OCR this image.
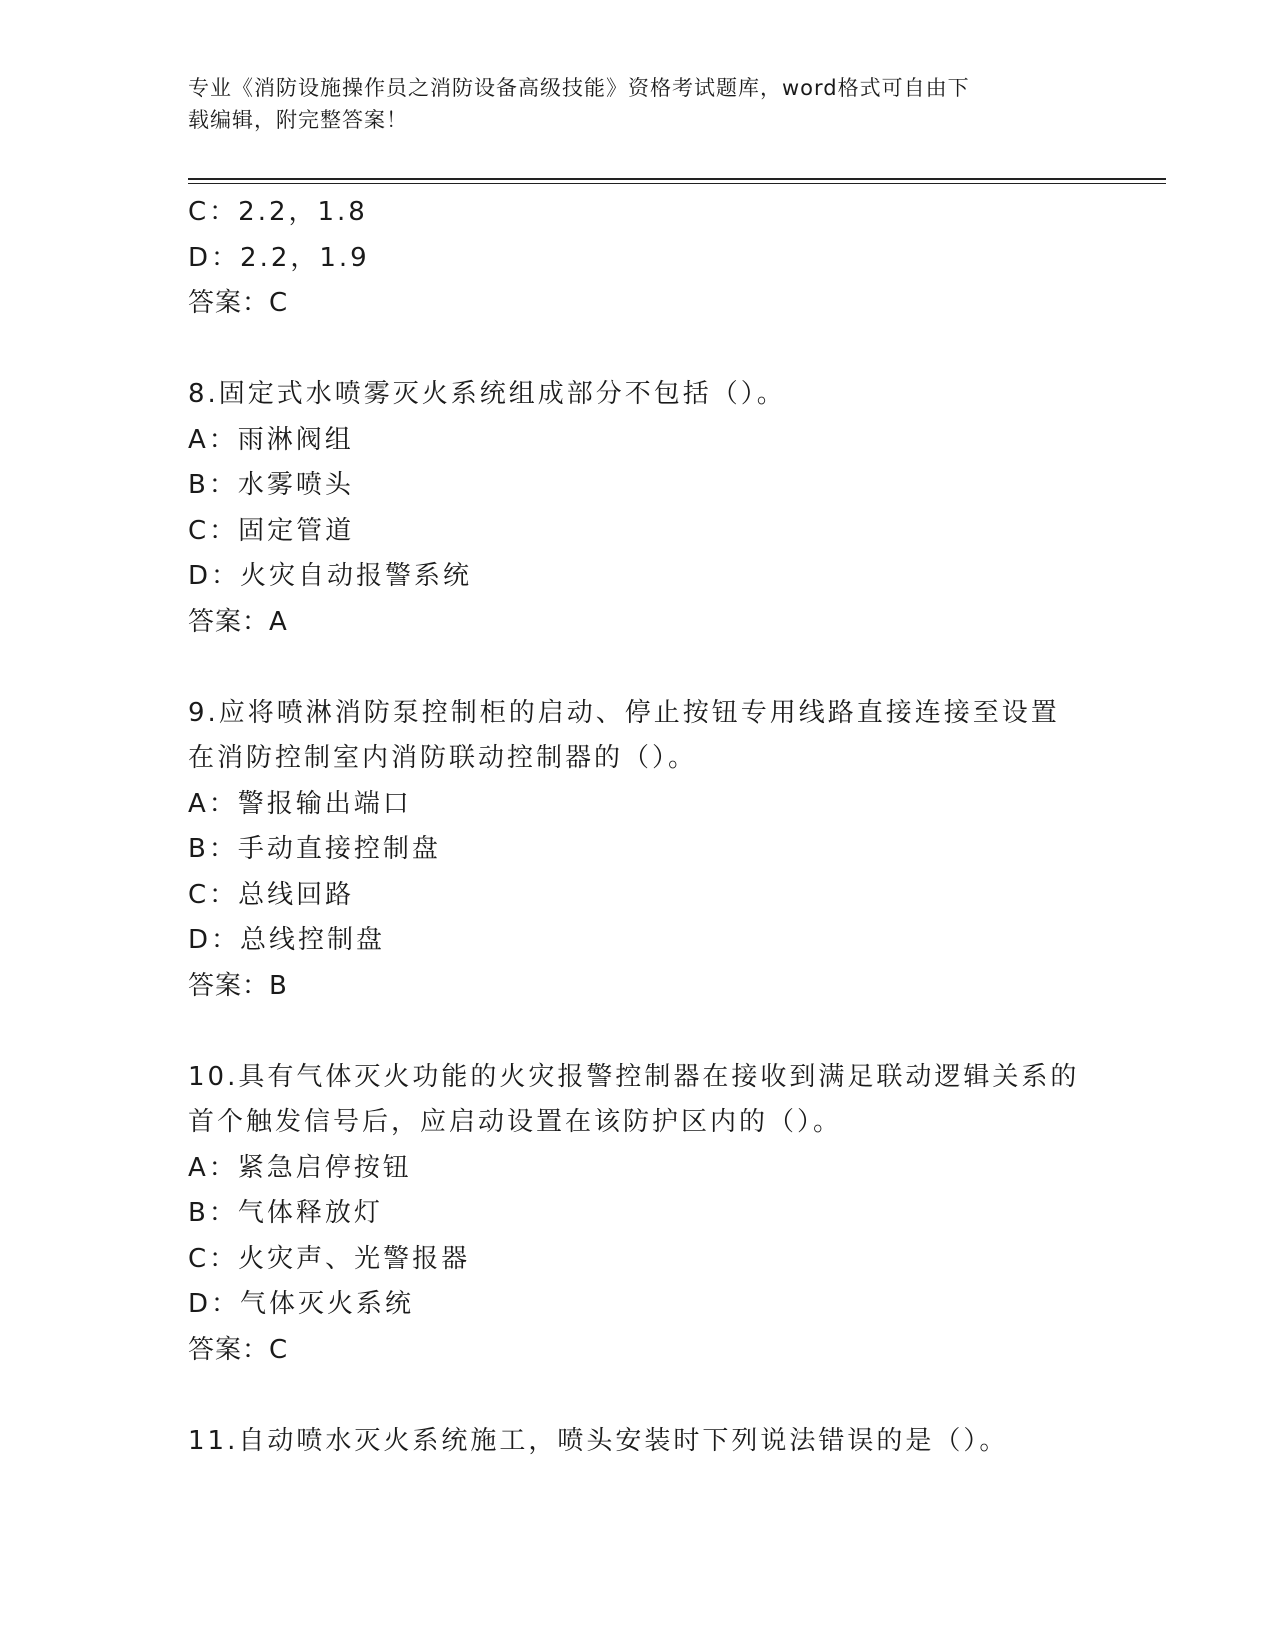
专业《消防设施操作员之消防设备高级技能》资格考试题库，word格式可自由下
载编辑，附完整答案！
C：2.2，1.8
D：2.2，1.9
答案：C
8.固定式水喷雾灭火系统组成部分不包括（）。
A：雨淋阀组
B：水雾喷头
C：固定管道
D：火灾自动报警系统
答案：A
9.应将喷淋消防泵控制柜的启动、停止按钮专用线路直接连接至设置
在消防控制室内消防联动控制器的（）。
A：警报输出端口
B：手动直接控制盘
C：总线回路
D：总线控制盘
答案：B
10.具有气体灭火功能的火灾报警控制器在接收到满足联动逻辑关系的
首个触发信号后，应启动设置在该防护区内的（）。
A：紧急启停按钮
B：气体释放灯
C：火灾声、光警报器
D：气体灭火系统
答案：C
11.自动喷水灭火系统施工，喷头安装时下列说法错误的是（）。
